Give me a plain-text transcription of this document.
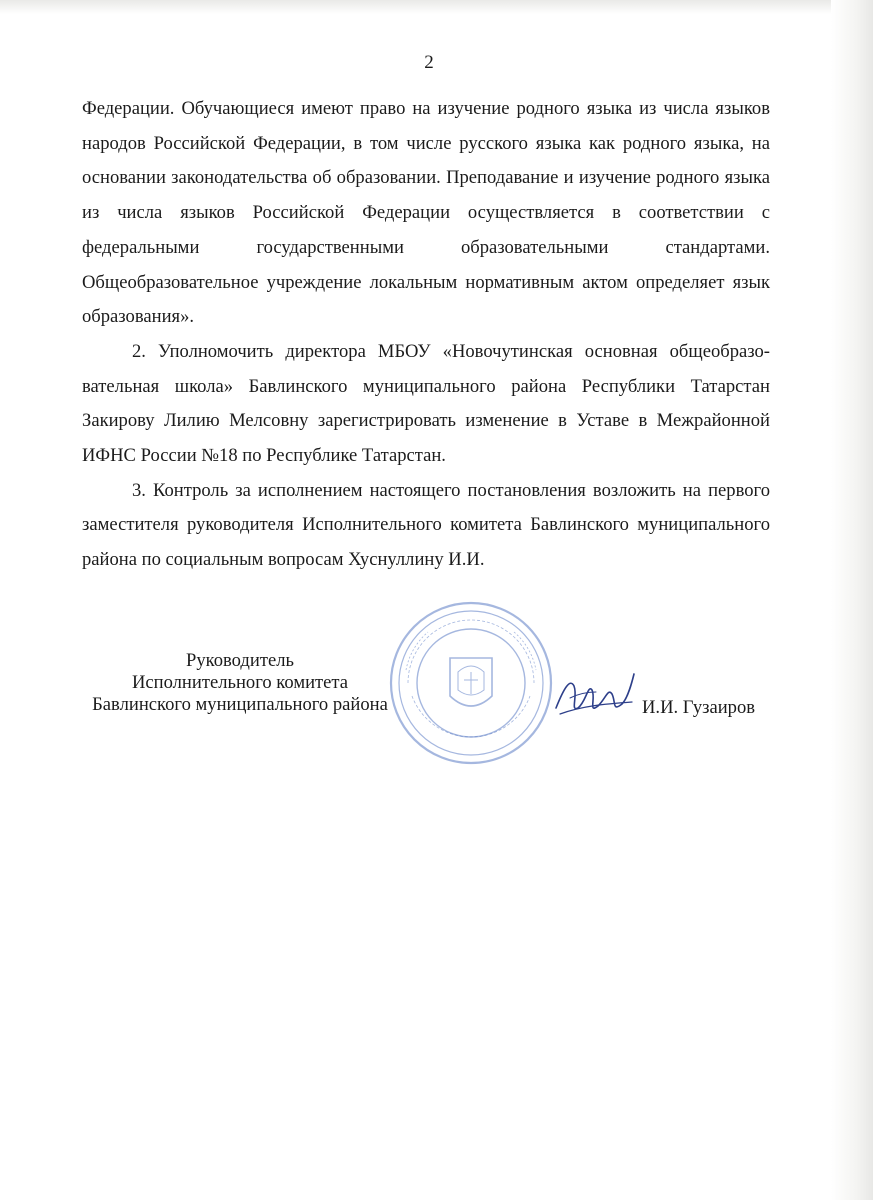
2

Федерации. Обучающиеся имеют право на изучение родного языка из числа языков народов Российской Федерации, в том числе русского языка как родного языка, на основании законодательства об образовании. Преподавание и изучение родного языка из числа языков Российской Федерации осуществляется в соответствии с федеральными государственными образовательными стандартами. Общеобразовательное учреждение локальным нормативным актом определяет язык образования».

2. Уполномочить директора МБОУ «Новочутинская основная общеобразовательная школа» Бавлинского муниципального района Республики Татарстан Закирову Лилию Мелсовну зарегистрировать изменение в Уставе в Межрайонной ИФНС России №18 по Республике Татарстан.

3. Контроль за исполнением настоящего постановления возложить на первого заместителя руководителя Исполнительного комитета Бавлинского муниципального района по социальным вопросам Хуснуллину И.И.

Руководитель
Исполнительного комитета
Бавлинского муниципального района	И.И. Гузаиров
